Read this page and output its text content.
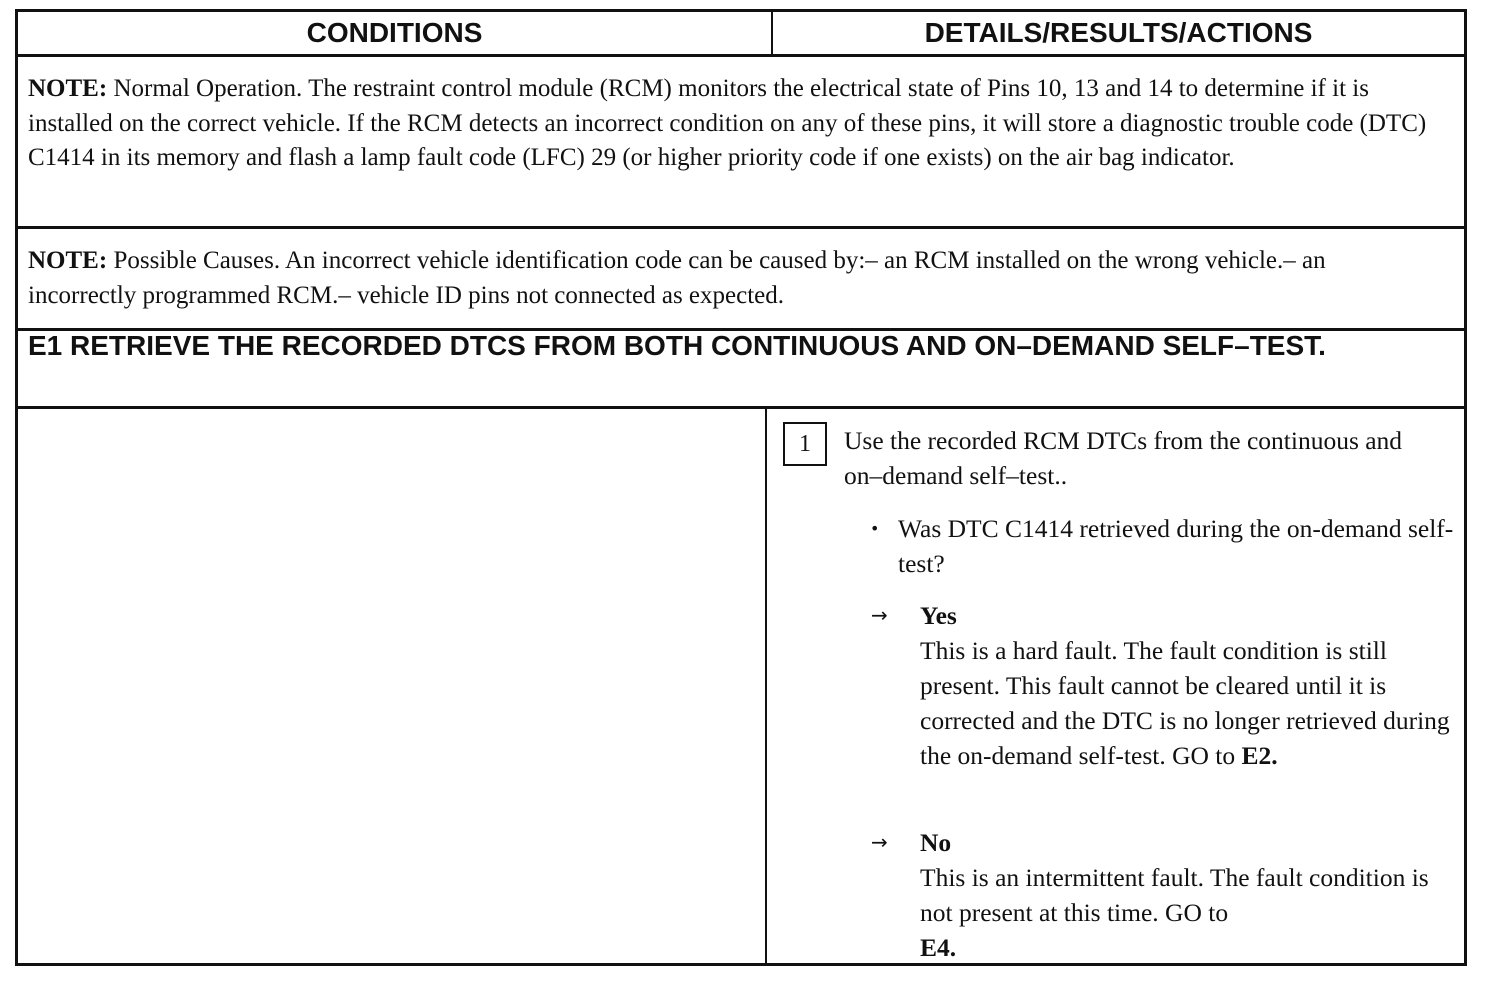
CONDITIONS	DETAILS/RESULTS/ACTIONS
NOTE: Normal Operation. The restraint control module (RCM) monitors the electrical state of Pins 10, 13 and 14 to determine if it is installed on the correct vehicle. If the RCM detects an incorrect condition on any of these pins, it will store a diagnostic trouble code (DTC) C1414 in its memory and flash a lamp fault code (LFC) 29 (or higher priority code if one exists) on the air bag indicator.
NOTE: Possible Causes. An incorrect vehicle identification code can be caused by:– an RCM installed on the wrong vehicle.– an incorrectly programmed RCM.– vehicle ID pins not connected as expected.
E1 RETRIEVE THE RECORDED DTCS FROM BOTH CONTINUOUS AND ON–DEMAND SELF–TEST.
1	Use the recorded RCM DTCs from the continuous and on–demand self–test..
• Was DTC C1414 retrieved during the on-demand self-test?
→ Yes
This is a hard fault. The fault condition is still present. This fault cannot be cleared until it is corrected and the DTC is no longer retrieved during the on-demand self-test. GO to E2.
→ No
This is an intermittent fault. The fault condition is not present at this time. GO to
E4.
